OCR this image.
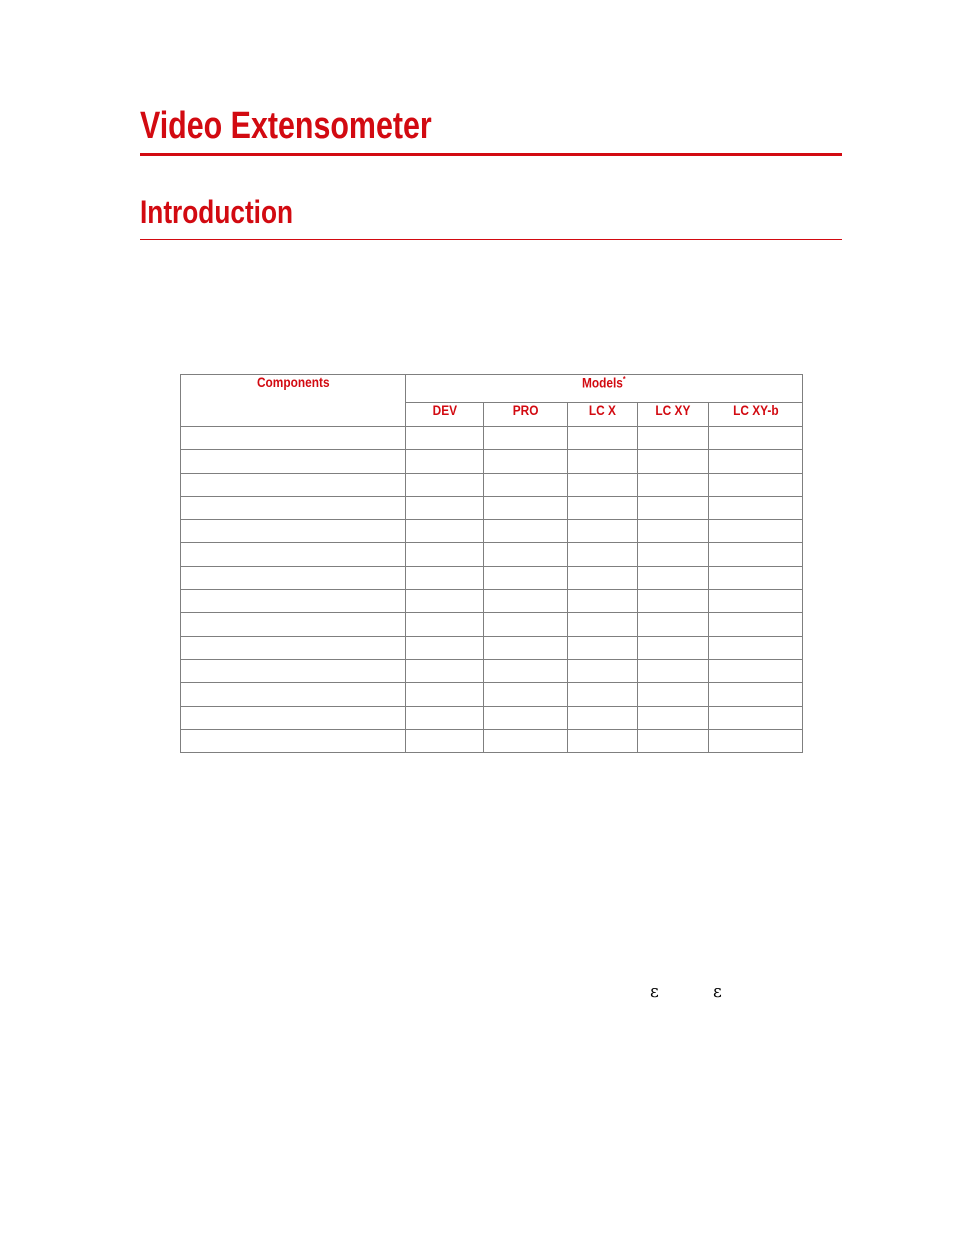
Video Extensometer
Introduction
Components	Models*
	DEV	PRO	LC X	LC XY	LC XY-b

ε	ε
